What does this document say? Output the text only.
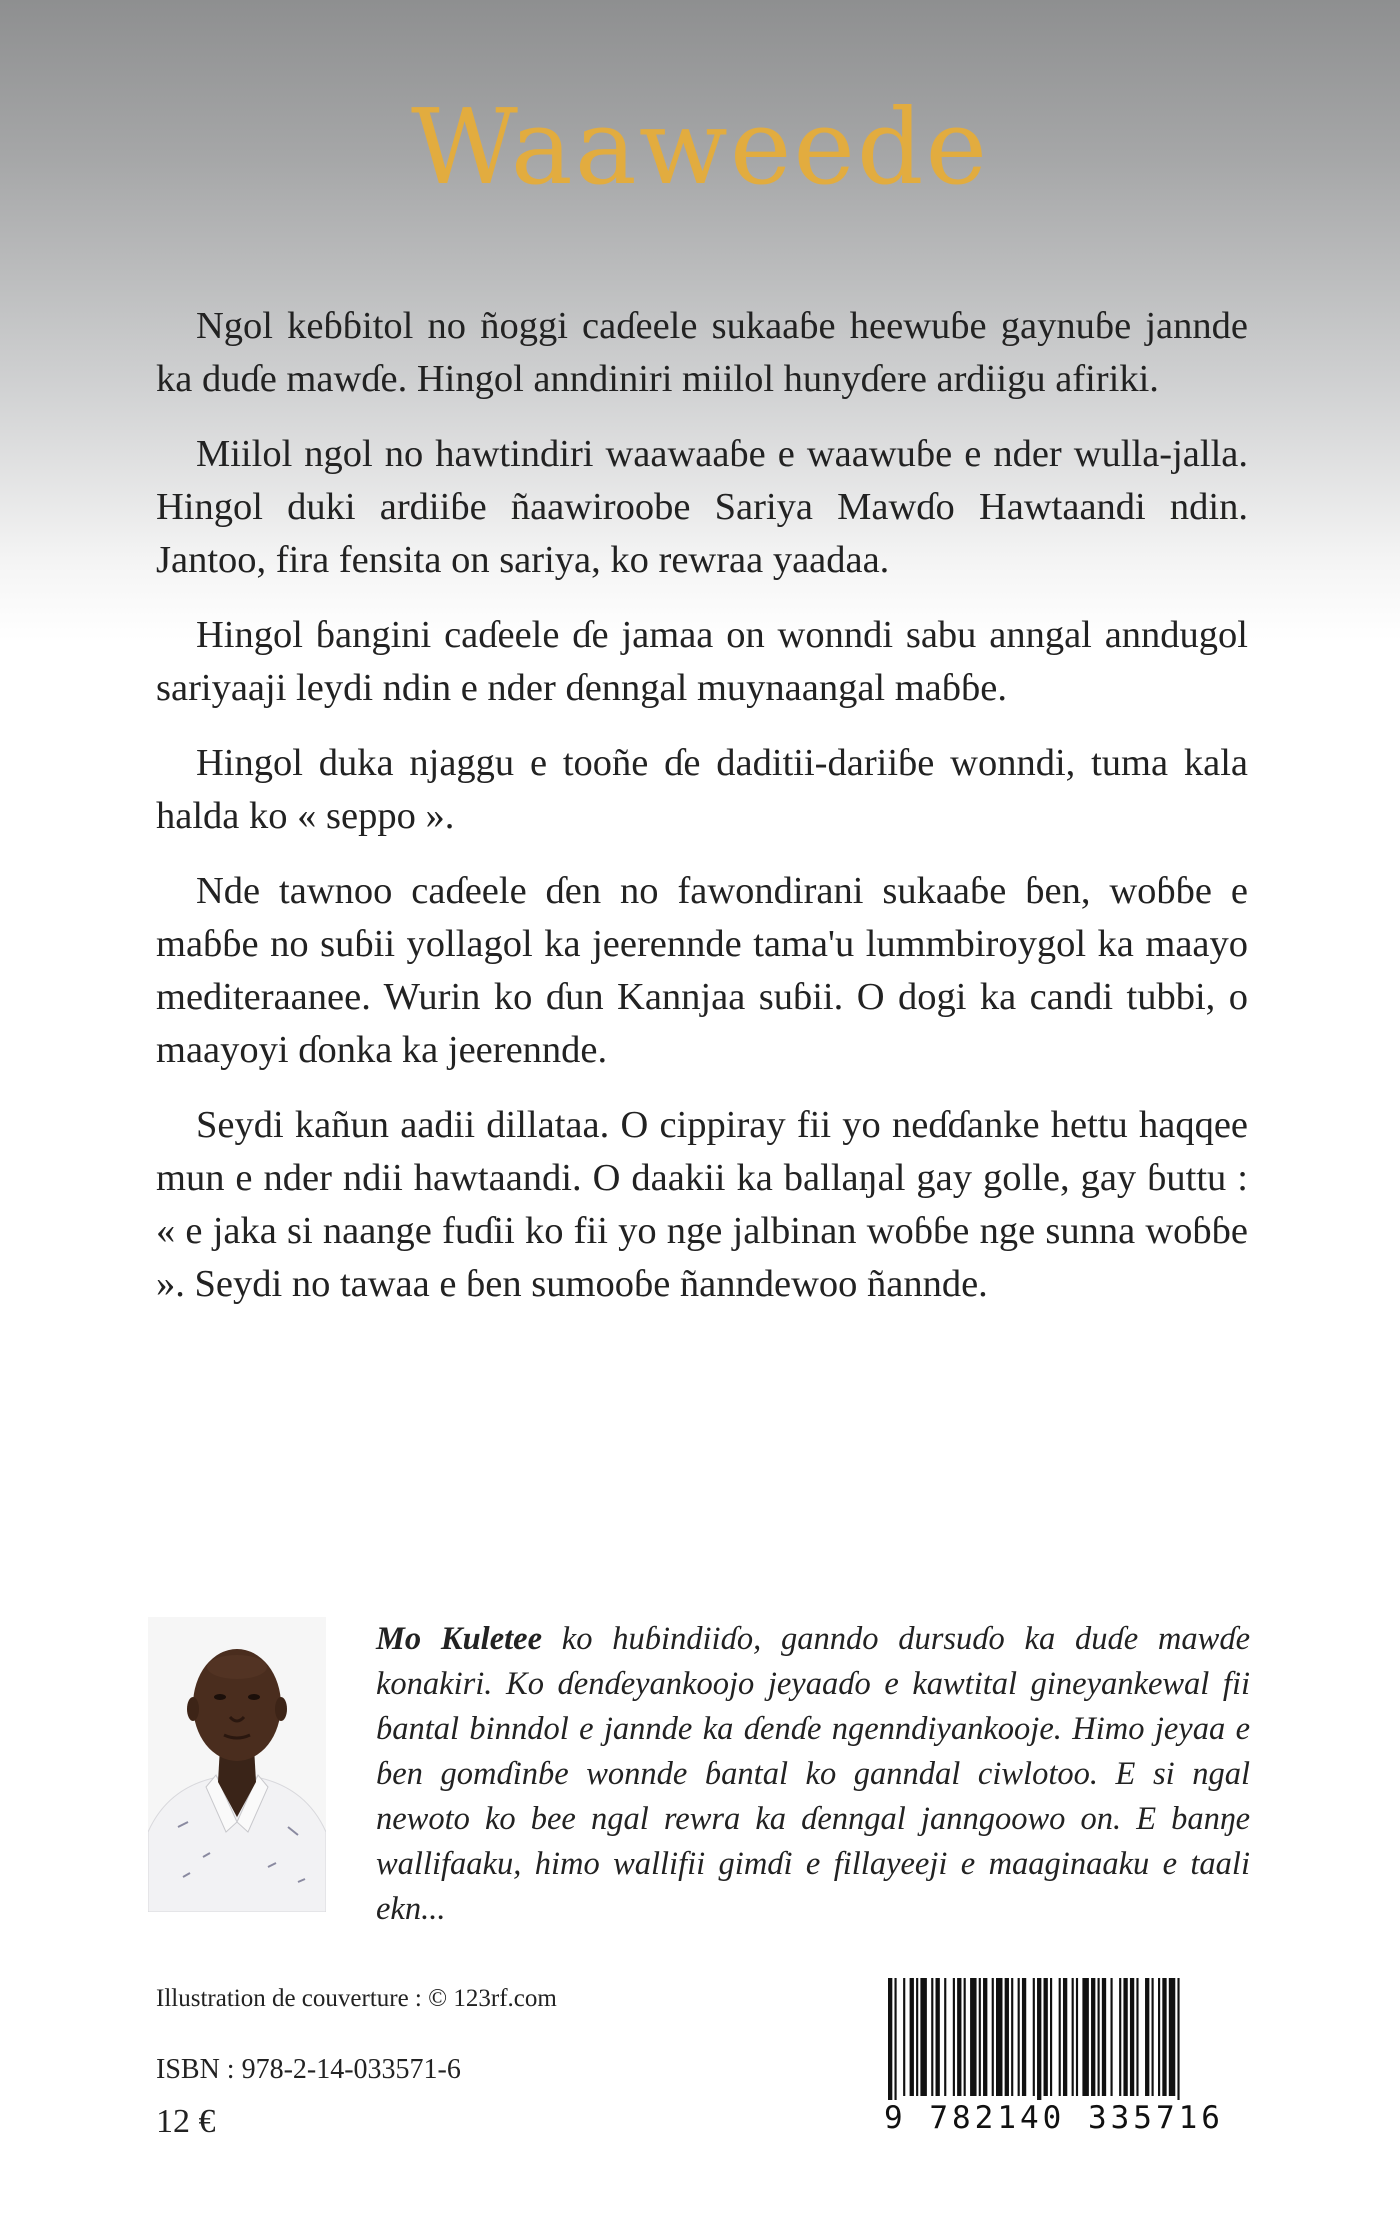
Waaweede

Ngol keɓɓitol no ñoggi caɗeele sukaaɓe heewuɓe gaynuɓe jannde ka duɗe mawɗe. Hingol anndiniri miilol hunyɗere ardiigu afiriki.

Miilol ngol no hawtindiri waawaaɓe e waawuɓe e nder wulla-jalla. Hingol duki ardiiɓe ñaawiroobe Sariya Mawɗo Hawtaandi ndin. Jantoo, fira fensita on sariya, ko rewraa yaadaa.

Hingol ɓangini caɗeele ɗe jamaa on wonndi sabu anngal anndugol sariyaaji leydi ndin e nder ɗenngal muynaangal maɓɓe.

Hingol duka njaggu e tooñe ɗe daditii-dariiɓe wonndi, tuma kala halda ko « seppo ».

Nde tawnoo caɗeele ɗen no fawondirani sukaaɓe ɓen, woɓɓe e maɓɓe no suɓii yollagol ka jeerennde tama'u lummbiroygol ka maayo mediteraanee. Wurin ko ɗun Kannjaa suɓii. O dogi ka candi tubbi, o maayoyi ɗonka ka jeerennde.

Seydi kañun aadii dillataa. O cippiray fii yo neɗɗanke hettu haqqee mun e nder ndii hawtaandi. O daakii ka ballaŋal gay golle, gay ɓuttu : « e jaka si naange fuɗii ko fii yo nge jalbinan woɓɓe nge sunna woɓɓe ». Seydi no tawaa e ɓen sumooɓe ñanndewoo ñannde.

Mo Kuletee ko huɓindiiɗo, ganndo dursuɗo ka duɗe mawɗe konakiri. Ko ɗenɗeyankoojo jeyaaɗo e kawtital gineyankewal fii ɓantal binndol e jannde ka ɗenɗe ngenndiyankooje. Himo jeyaa e ɓen gomɗinɓe wonnde ɓantal ko ganndal ciwlotoo. E si ngal newoto ko bee ngal rewra ka ɗenngal janngoowo on. E banŋe wallifaaku, himo wallifii gimɗi e fillayeeji e maaginaaku e taali ekn...
Illustration de couverture : © 123rf.com
ISBN : 978-2-14-033571-6
12 €	9 782140 335716
